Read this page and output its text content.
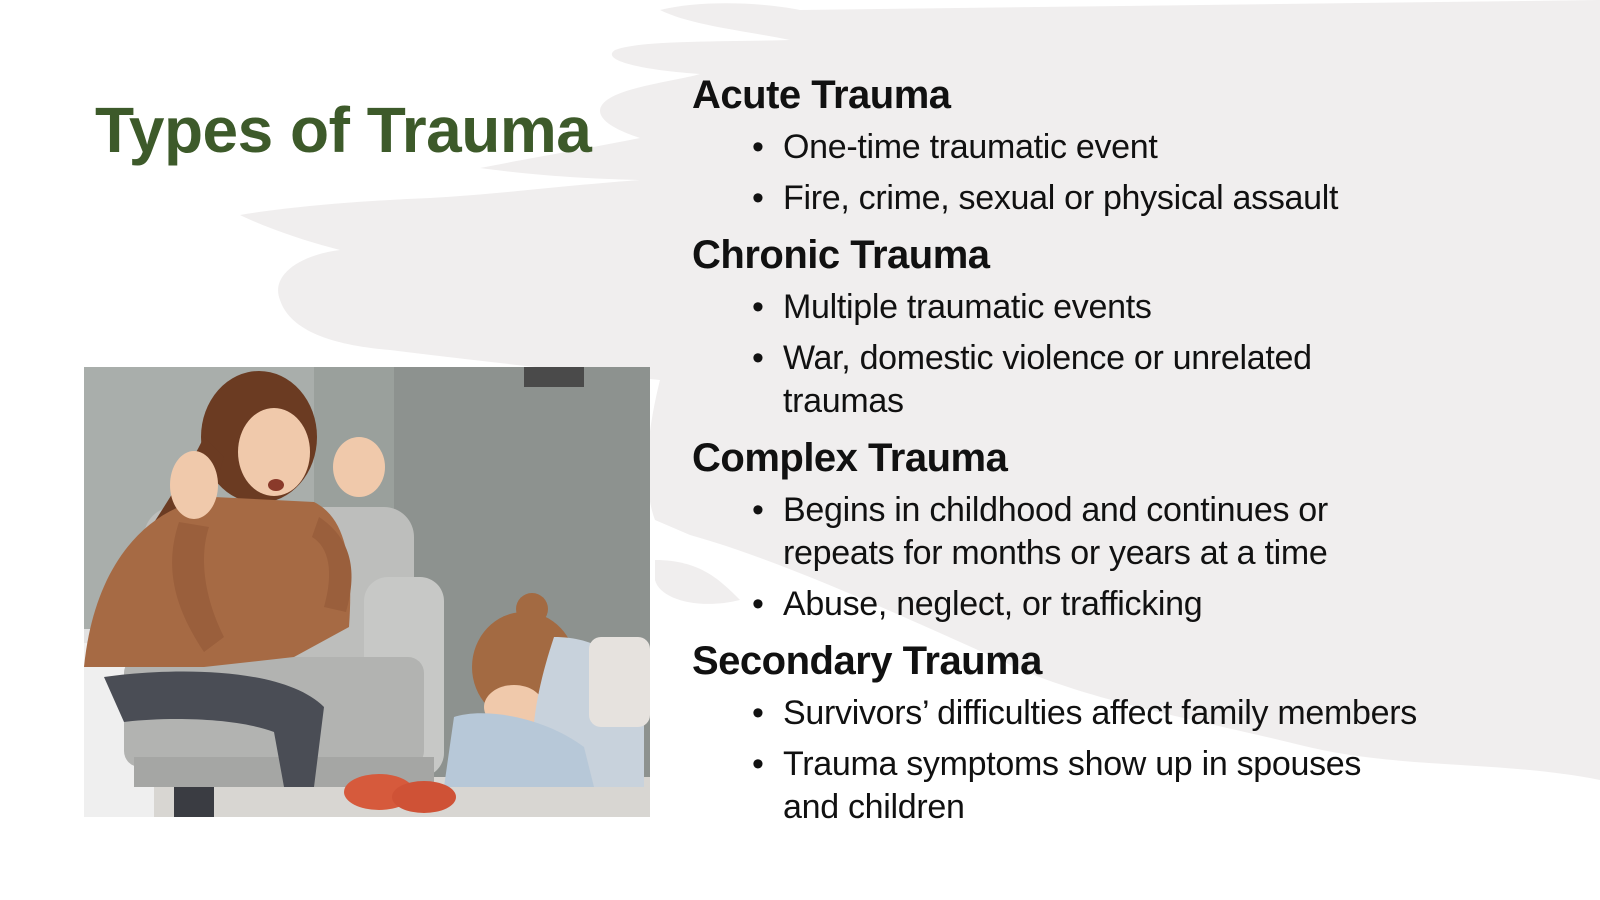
Types of Trauma	Acute Trauma
• One-time traumatic event
• Fire, crime, sexual or physical assault
Chronic Trauma
• Multiple traumatic events
• War, domestic violence or unrelated traumas
Complex Trauma
• Begins in childhood and continues or repeats for months or years at a time
• Abuse, neglect, or trafficking
Secondary Trauma
• Survivors’ difficulties affect family members
• Trauma symptoms show up in spouses and children
